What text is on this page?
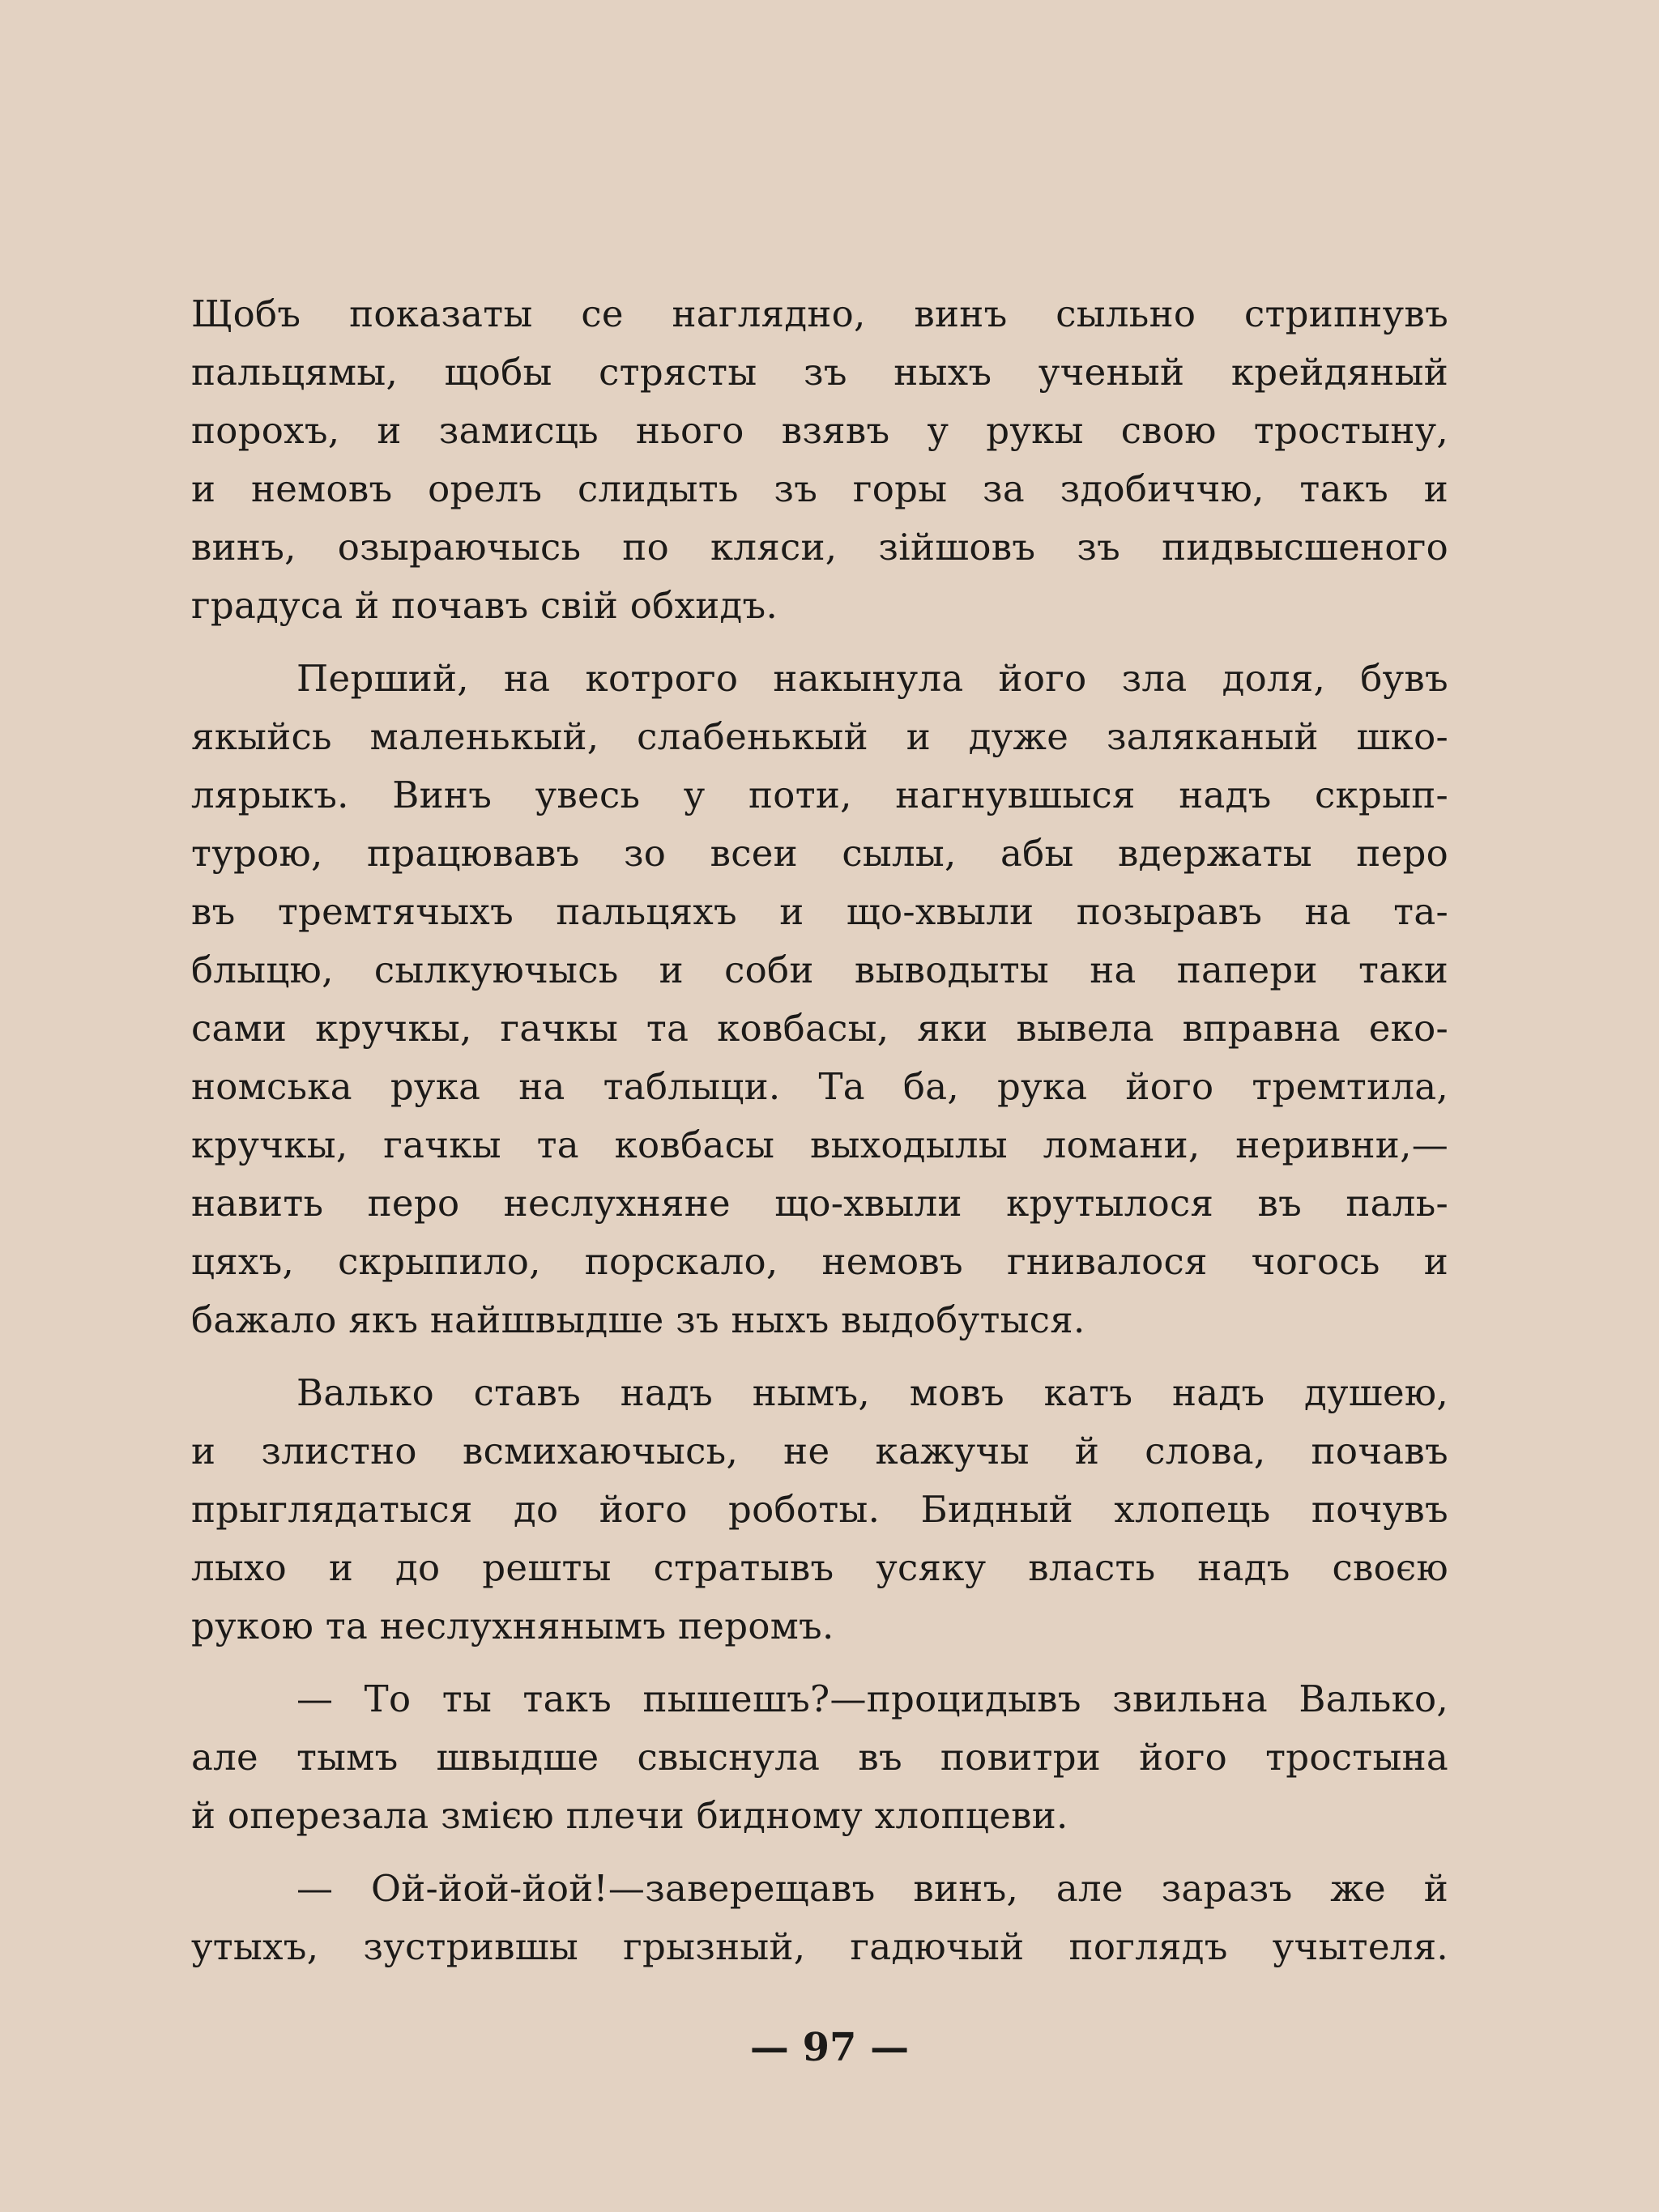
Щобъ показаты се наглядно, винъ сыльно стрипнувъ
пальцямы, щобы стрясты зъ ныхъ ученый крейдяный
порохъ, и замисць нього взявъ у рукы свою тростыну,
и немовъ орелъ слидыть зъ горы за здобиччю, такъ и
винъ, озыраючысь по кляси, зійшовъ зъ пидвысшеного
градуса й почавъ свій обхидъ.
Перший, на котрого накынула його зла доля, бувъ
якыйсь маленькый, слабенькый и дуже заляканый шко-
лярыкъ. Винъ увесь у поти, нагнувшыся надъ скрып-
турою, працювавъ зо всеи сылы, абы вдержаты перо
въ тремтячыхъ пальцяхъ и що-хвыли позыравъ на та-
блыцю, сылкуючысь и соби выводыты на папери таки
сами кручкы, гачкы та ковбасы, яки вывела вправна еко-
номська рука на таблыци. Та ба, рука його тремтила,
кручкы, гачкы та ковбасы выходылы ломани, неривни,—
навить перо неслухняне що-хвыли крутылося въ паль-
цяхъ, скрыпило, порскало, немовъ гнивалося чогось и
бажало якъ найшвыдше зъ ныхъ выдобутыся.
Валько ставъ надъ нымъ, мовъ катъ надъ душею,
и злистно всмихаючысь, не кажучы й слова, почавъ
прыглядатыся до його роботы. Бидный хлопець почувъ
лыхо и до решты стратывъ усяку власть надъ своєю
рукою та неслухнянымъ перомъ.
— То ты такъ пышешъ?—процидывъ звильна Валько,
але тымъ швыдше свыснула въ повитри його тростына
й оперезала змією плечи бидному хлопцеви.
— Ой-йой-йой!—заверещавъ винъ, але заразъ же й
утыхъ, зустрившы грызный, гадючый поглядъ учытеля.
— 97 —
